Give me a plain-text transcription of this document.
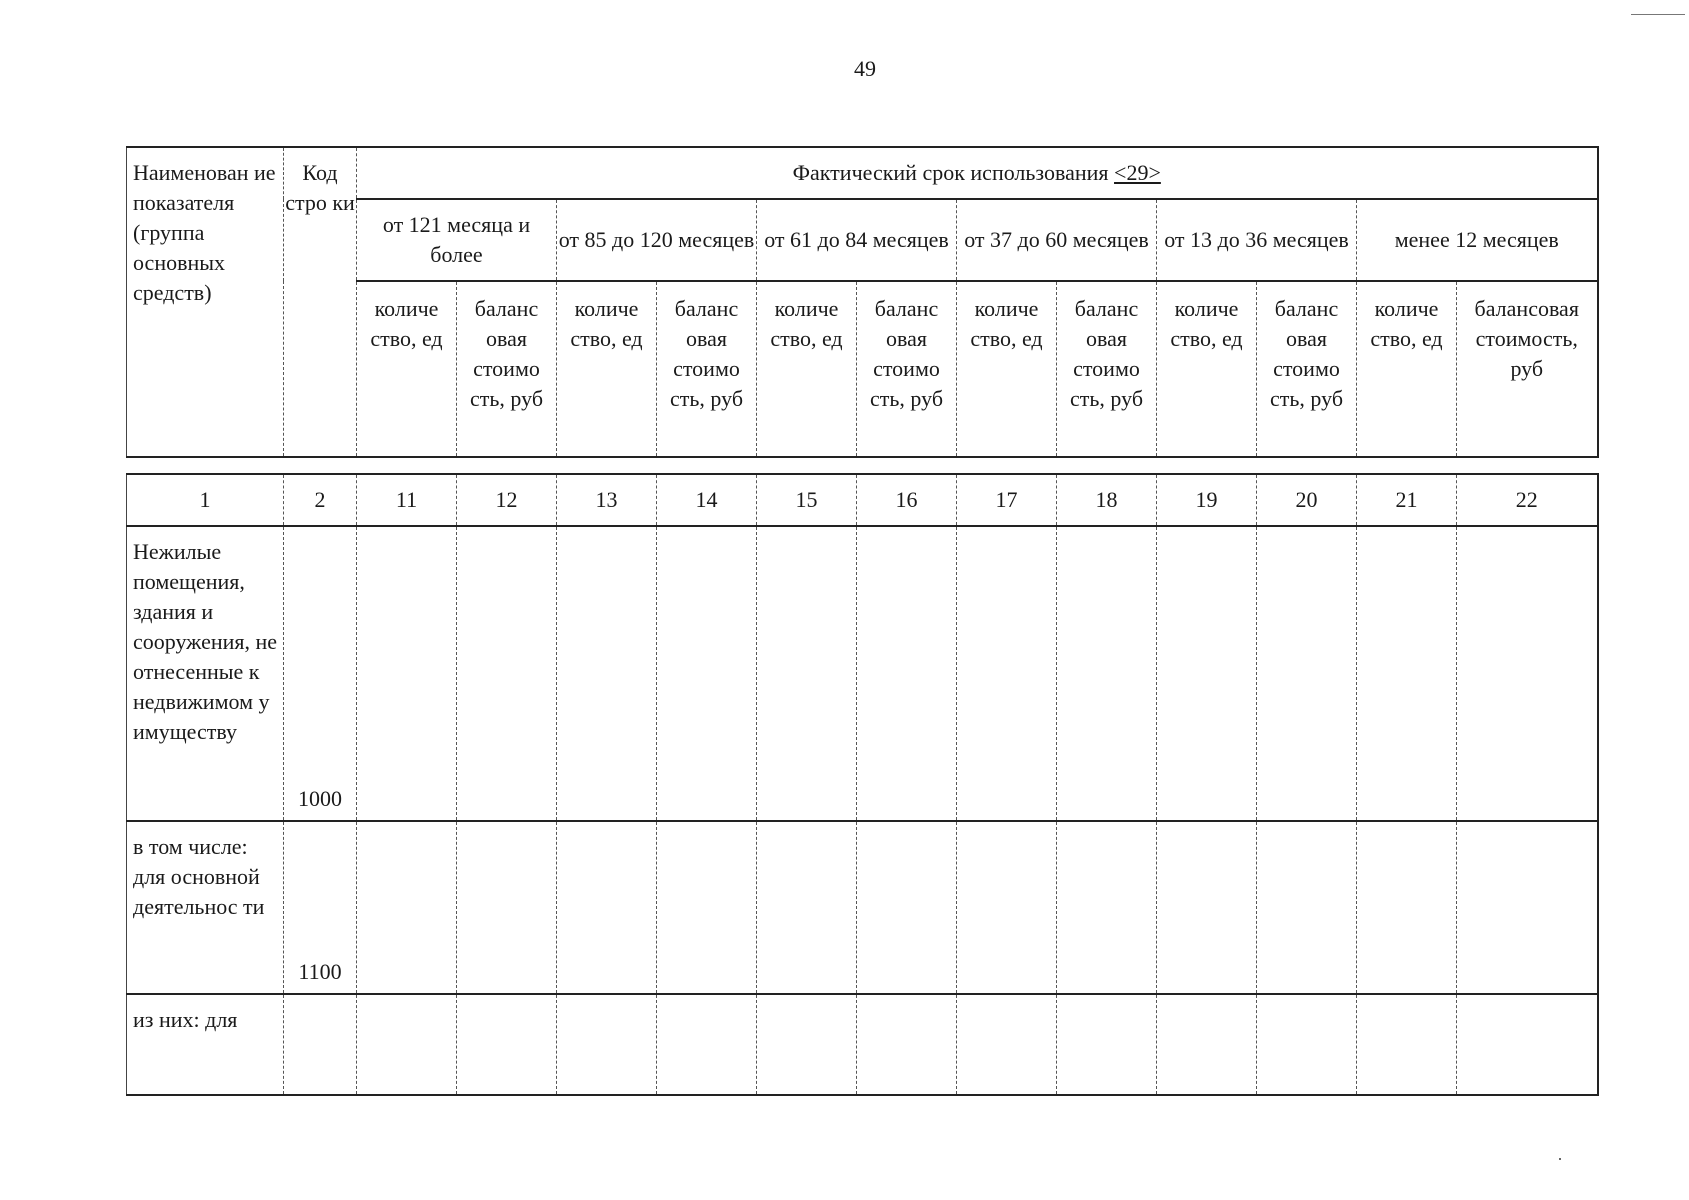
49
Наименован ие показателя (группа основных средств)	Код стро ки	Фактический срок использования <29>											
		от 121 месяца и более		от 85 до 120 месяцев		от 61 до 84 месяцев		от 37 до 60 месяцев		от 13 до 36 месяцев		менее 12 месяцев	
		количе ство, ед	баланс овая стоимо сть, руб	количе ство, ед	баланс овая стоимо сть, руб	количе ство, ед	баланс овая стоимо сть, руб	количе ство, ед	баланс овая стоимо сть, руб	количе ство, ед	баланс овая стоимо сть, руб	количе ство, ед	балансовая стоимость, руб
1	2	11	12	13	14	15	16	17	18	19	20	21	22
Нежилые помещения, здания и сооружения, не отнесенные к недвижимом у имуществу	1000												
в том числе: для основной деятельнос ти	1100												
из них: для													
